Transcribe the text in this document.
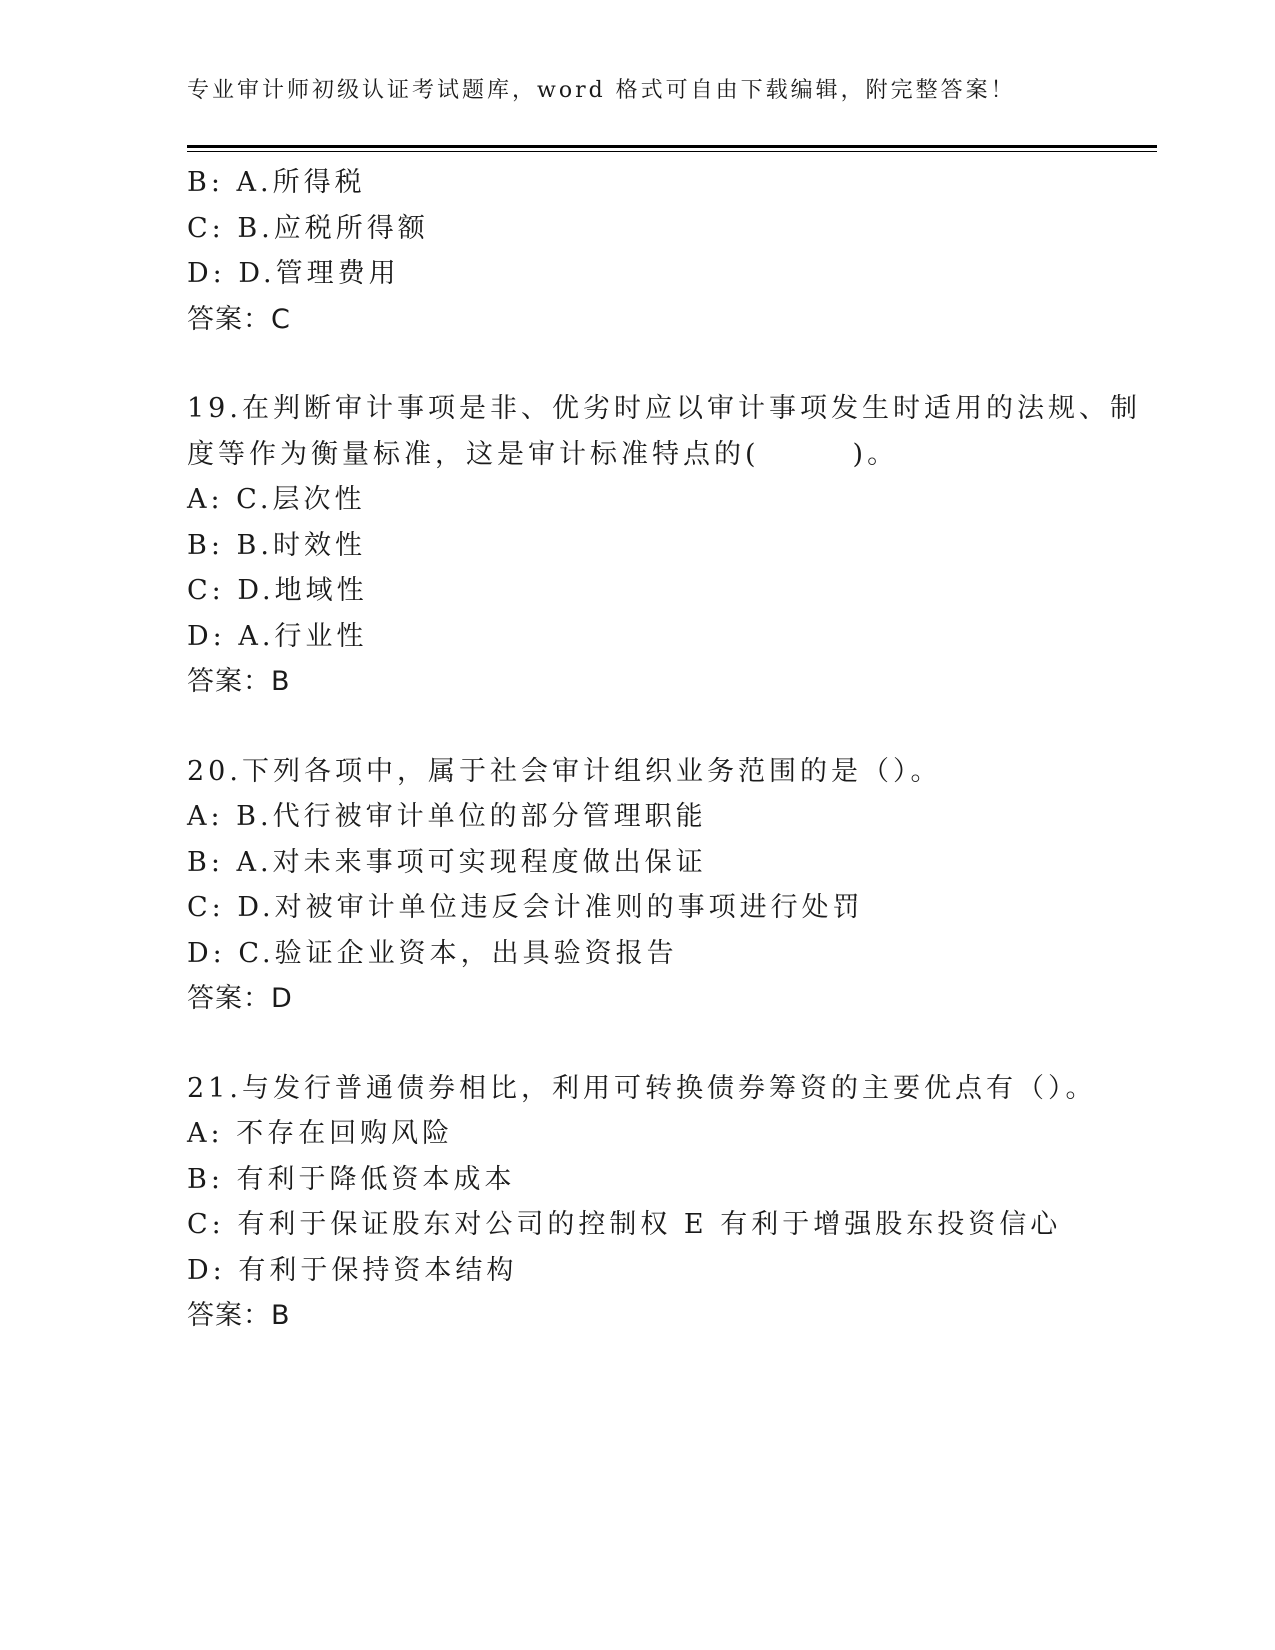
专业审计师初级认证考试题库，word 格式可自由下载编辑，附完整答案！
B: A.所得税
C: B.应税所得额
D: D.管理费用
答案：C
19.在判断审计事项是非、优劣时应以审计事项发生时适用的法规、制
度等作为衡量标准，这是审计标准特点的(　　　)。
A: C.层次性
B: B.时效性
C: D.地域性
D: A.行业性
答案：B
20.下列各项中，属于社会审计组织业务范围的是（）。
A: B.代行被审计单位的部分管理职能
B: A.对未来事项可实现程度做出保证
C: D.对被审计单位违反会计准则的事项进行处罚
D: C.验证企业资本，出具验资报告
答案：D
21.与发行普通债券相比，利用可转换债券筹资的主要优点有（）。
A: 不存在回购风险
B: 有利于降低资本成本
C: 有利于保证股东对公司的控制权 E 有利于增强股东投资信心
D: 有利于保持资本结构
答案：B
